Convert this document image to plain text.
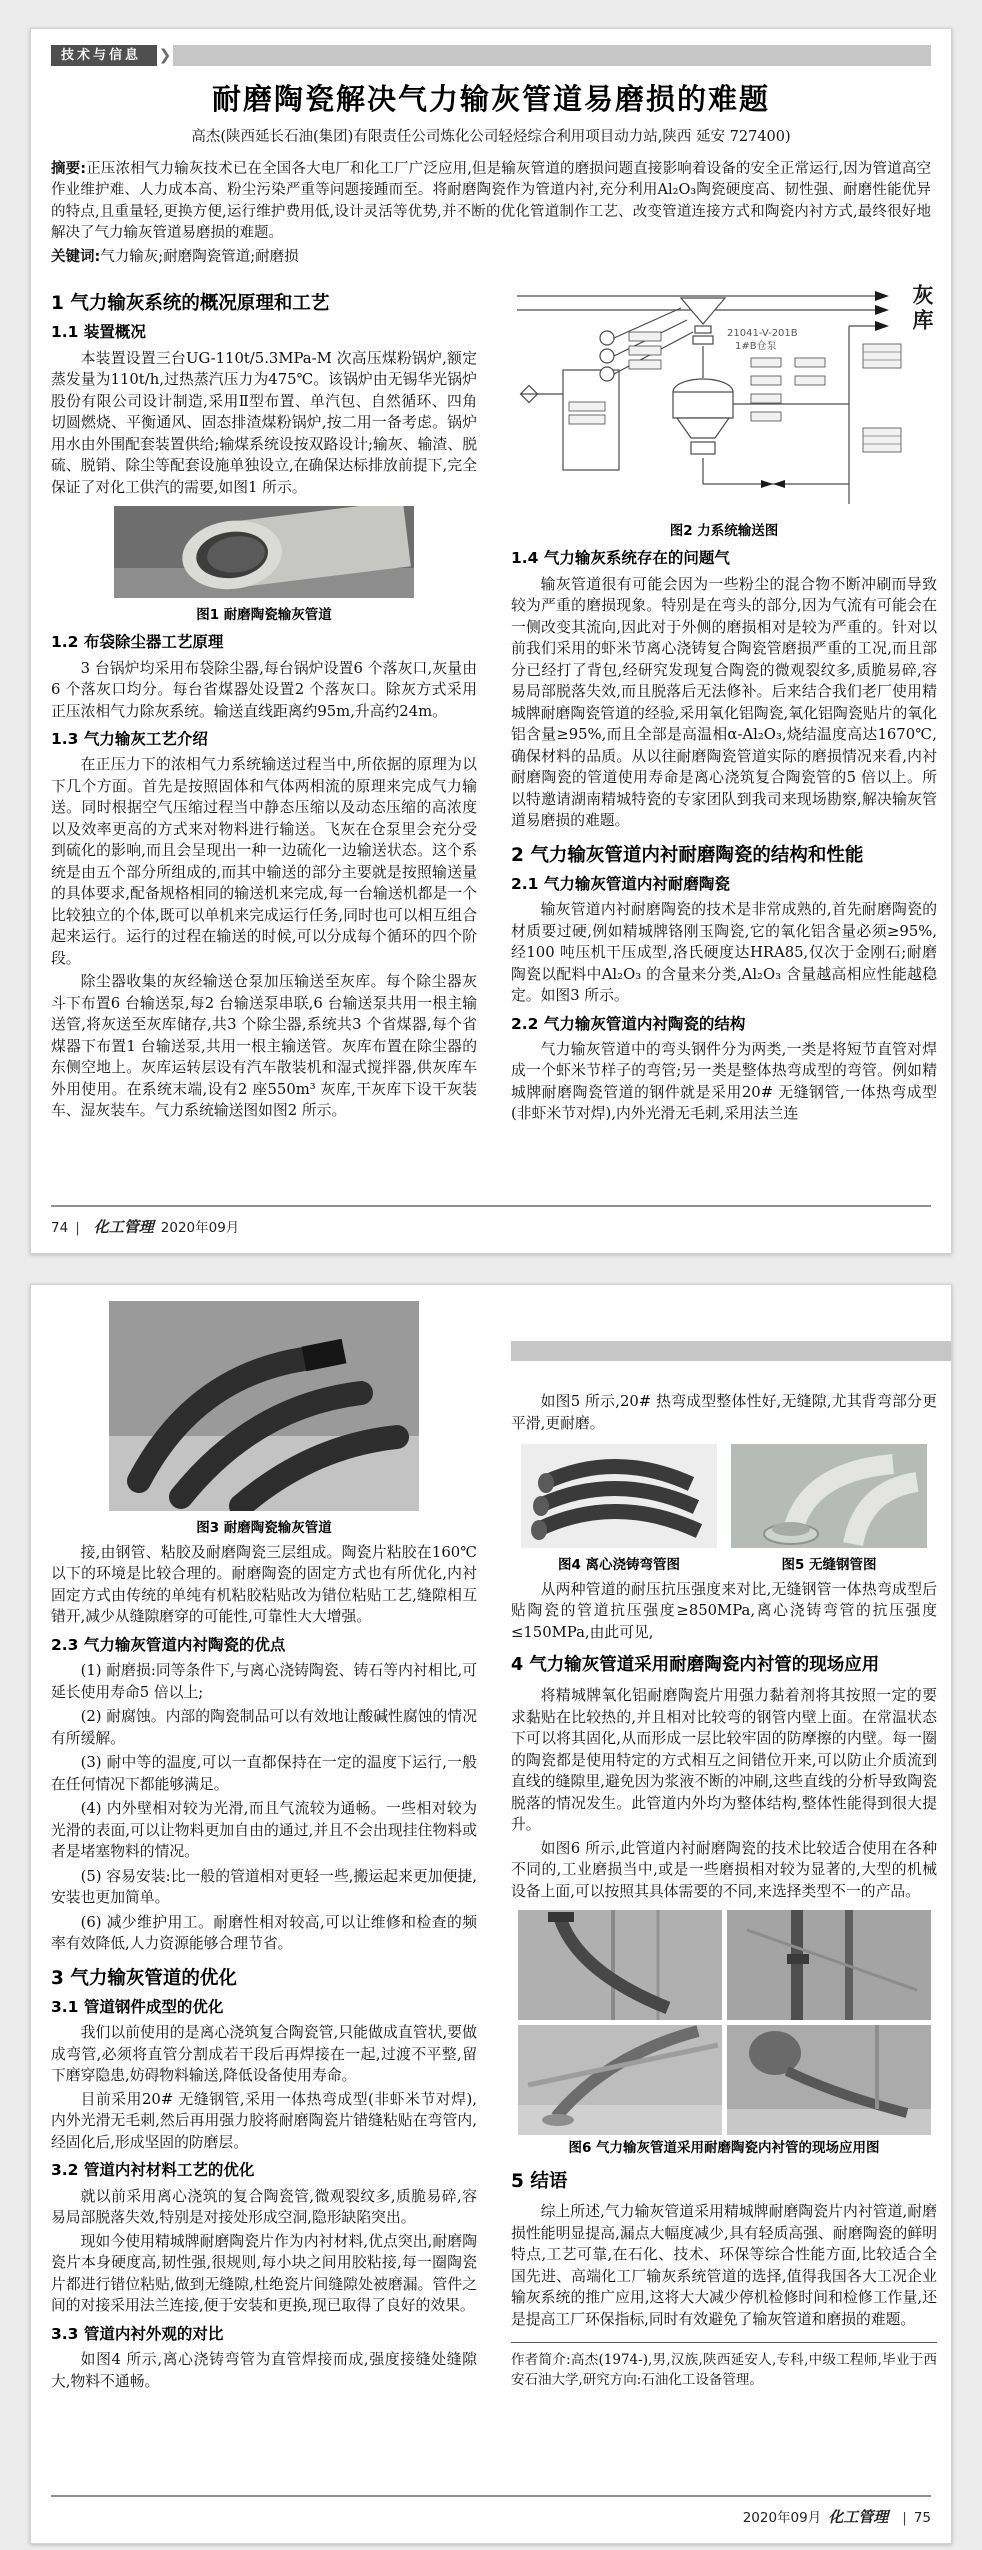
技术与信息	❯
耐磨陶瓷解决气力输灰管道易磨损的难题
高杰(陕西延长石油(集团)有限责任公司炼化公司轻烃综合利用项目动力站,陕西 延安 727400)

摘要:正压浓相气力输灰技术已在全国各大电厂和化工厂广泛应用,但是输灰管道的磨损问题直接影响着设备的安全正常运行,因为管道高空作业维护难、人力成本高、粉尘污染严重等问题接踵而至。将耐磨陶瓷作为管道内衬,充分利用Al₂O₃陶瓷硬度高、韧性强、耐磨性能优异的特点,且重量轻,更换方便,运行维护费用低,设计灵活等优势,并不断的优化管道制作工艺、改变管道连接方式和陶瓷内衬方式,最终很好地解决了气力输灰管道易磨损的难题。

关键词:气力输灰;耐磨陶瓷管道;耐磨损

1 气力输灰系统的概况原理和工艺
1.1 装置概况

本装置设置三台UG-110t/5.3MPa-M 次高压煤粉锅炉,额定蒸发量为110t/h,过热蒸汽压力为475℃。该锅炉由无锡华光锅炉股份有限公司设计制造,采用Ⅱ型布置、单汽包、自然循环、四角切圆燃烧、平衡通风、固态排渣煤粉锅炉,按二用一备考虑。锅炉用水由外围配套装置供给;输煤系统设按双路设计;输灰、输渣、脱硫、脱销、除尘等配套设施单独设立,在确保达标排放前提下,完全保证了对化工供汽的需要,如图1 所示。

图1 耐磨陶瓷输灰管道
1.2 布袋除尘器工艺原理

3 台锅炉均采用布袋除尘器,每台锅炉设置6 个落灰口,灰量由6 个落灰口均分。每台省煤器处设置2 个落灰口。除灰方式采用正压浓相气力除灰系统。输送直线距离约95m,升高约24m。

1.3 气力输灰工艺介绍

在正压力下的浓相气力系统输送过程当中,所依据的原理为以下几个方面。首先是按照固体和气体两相流的原理来完成气力输送。同时根据空气压缩过程当中静态压缩以及动态压缩的高浓度以及效率更高的方式来对物料进行输送。飞灰在仓泵里会充分受到硫化的影响,而且会呈现出一种一边硫化一边输送状态。这个系统是由五个部分所组成的,而其中输送的部分主要就是按照输送量的具体要求,配备规格相同的输送机来完成,每一台输送机都是一个比较独立的个体,既可以单机来完成运行任务,同时也可以相互组合起来运行。运行的过程在输送的时候,可以分成每个循环的四个阶段。

除尘器收集的灰经输送仓泵加压输送至灰库。每个除尘器灰斗下布置6 台输送泵,每2 台输送泵串联,6 台输送泵共用一根主输送管,将灰送至灰库储存,共3 个除尘器,系统共3 个省煤器,每个省煤器下布置1 台输送泵,共用一根主输送管。灰库布置在除尘器的东侧空地上。灰库运转层设有汽车散装机和湿式搅拌器,供灰库车外用使用。在系统末端,设有2 座550m³ 灰库,干灰库下设干灰装车、湿灰装车。气力系统输送图如图2 所示。

21041-V-201B
1#B仓泵
灰库
图2 力系统输送图
1.4 气力输灰系统存在的问题气

输灰管道很有可能会因为一些粉尘的混合物不断冲刷而导致较为严重的磨损现象。特别是在弯头的部分,因为气流有可能会在一侧改变其流向,因此对于外侧的磨损相对是较为严重的。针对以前我们采用的虾米节离心浇铸复合陶瓷管磨损严重的工况,而且部分已经打了背包,经研究发现复合陶瓷的微观裂纹多,质脆易碎,容易局部脱落失效,而且脱落后无法修补。后来结合我们老厂使用精城牌耐磨陶瓷管道的经验,采用氧化铝陶瓷,氧化铝陶瓷贴片的氧化铝含量≥95%,而且全部是高温相α-Al₂O₃,烧结温度高达1670℃,确保材料的品质。从以往耐磨陶瓷管道实际的磨损情况来看,内衬耐磨陶瓷的管道使用寿命是离心浇筑复合陶瓷管的5 倍以上。所以特邀请湖南精城特瓷的专家团队到我司来现场勘察,解决输灰管道易磨损的难题。

2 气力输灰管道内衬耐磨陶瓷的结构和性能
2.1 气力输灰管道内衬耐磨陶瓷

输灰管道内衬耐磨陶瓷的技术是非常成熟的,首先耐磨陶瓷的材质要过硬,例如精城牌铬刚玉陶瓷,它的氧化铝含量必须≥95%,经100 吨压机干压成型,洛氏硬度达HRA85,仅次于金刚石;耐磨陶瓷以配料中Al₂O₃ 的含量来分类,Al₂O₃ 含量越高相应性能越稳定。如图3 所示。

2.2 气力输灰管道内衬陶瓷的结构

气力输灰管道中的弯头钢件分为两类,一类是将短节直管对焊成一个虾米节样子的弯管;另一类是整体热弯成型的弯管。例如精城牌耐磨陶瓷管道的钢件就是采用20# 无缝钢管,一体热弯成型(非虾米节对焊),内外光滑无毛刺,采用法兰连

74 | 化工管理 2020年09月
图3 耐磨陶瓷输灰管道

接,由钢管、粘胶及耐磨陶瓷三层组成。陶瓷片粘胶在160℃以下的环境是比较合理的。耐磨陶瓷的固定方式也有所优化,内衬固定方式由传统的单纯有机粘胶粘贴改为错位粘贴工艺,缝隙相互错开,减少从缝隙磨穿的可能性,可靠性大大增强。

2.3 气力输灰管道内衬陶瓷的优点

(1) 耐磨损:同等条件下,与离心浇铸陶瓷、铸石等内衬相比,可延长使用寿命5 倍以上;

(2) 耐腐蚀。内部的陶瓷制品可以有效地让酸碱性腐蚀的情况有所缓解。

(3) 耐中等的温度,可以一直都保持在一定的温度下运行,一般在任何情况下都能够满足。

(4) 内外壁相对较为光滑,而且气流较为通畅。一些相对较为光滑的表面,可以让物料更加自由的通过,并且不会出现挂住物料或者是堵塞物料的情况。

(5) 容易安装:比一般的管道相对更轻一些,搬运起来更加便捷,安装也更加简单。

(6) 减少维护用工。耐磨性相对较高,可以让维修和检查的频率有效降低,人力资源能够合理节省。

3 气力输灰管道的优化
3.1 管道钢件成型的优化

我们以前使用的是离心浇筑复合陶瓷管,只能做成直管状,要做成弯管,必须将直管分割成若干段后再焊接在一起,过渡不平整,留下磨穿隐患,妨碍物料输送,降低设备使用寿命。

目前采用20# 无缝钢管,采用一体热弯成型(非虾米节对焊),内外光滑无毛刺,然后再用强力胶将耐磨陶瓷片错缝粘贴在弯管内,经固化后,形成坚固的防磨层。

3.2 管道内衬材料工艺的优化

就以前采用离心浇筑的复合陶瓷管,微观裂纹多,质脆易碎,容易局部脱落失效,特别是对接处形成空洞,隐形缺陷突出。

现如今使用精城牌耐磨陶瓷片作为内衬材料,优点突出,耐磨陶瓷片本身硬度高,韧性强,很规则,每小块之间用胶粘接,每一圈陶瓷片都进行错位粘贴,做到无缝隙,杜绝瓷片间缝隙处被磨漏。管件之间的对接采用法兰连接,便于安装和更换,现已取得了良好的效果。

3.3 管道内衬外观的对比

如图4 所示,离心浇铸弯管为直管焊接而成,强度接缝处缝隙大,物料不通畅。

如图5 所示,20# 热弯成型整体性好,无缝隙,尤其背弯部分更平滑,更耐磨。

图4 离心浇铸弯管图	图5 无缝钢管图

从两种管道的耐压抗压强度来对比,无缝钢管一体热弯成型后贴陶瓷的管道抗压强度≥850MPa,离心浇铸弯管的抗压强度≤150MPa,由此可见,

4 气力输灰管道采用耐磨陶瓷内衬管的现场应用

将精城牌氧化铝耐磨陶瓷片用强力黏着剂将其按照一定的要求黏贴在比较热的,并且相对比较弯的钢管内壁上面。在常温状态下可以将其固化,从而形成一层比较牢固的防摩擦的内壁。每一圈的陶瓷都是使用特定的方式相互之间错位开来,可以防止介质流到直线的缝隙里,避免因为浆液不断的冲刷,这些直线的分析导致陶瓷脱落的情况发生。此管道内外均为整体结构,整体性能得到很大提升。

如图6 所示,此管道内衬耐磨陶瓷的技术比较适合使用在各种不同的,工业磨损当中,或是一些磨损相对较为显著的,大型的机械设备上面,可以按照其具体需要的不同,来选择类型不一的产品。

图6 气力输灰管道采用耐磨陶瓷内衬管的现场应用图
5 结语

综上所述,气力输灰管道采用精城牌耐磨陶瓷片内衬管道,耐磨损性能明显提高,漏点大幅度减少,具有轻质高强、耐磨陶瓷的鲜明特点,工艺可靠,在石化、技术、环保等综合性能方面,比较适合全国先进、高端化工厂输灰系统管道的选择,值得我国各大工况企业输灰系统的推广应用,这将大大减少停机检修时间和检修工作量,还是提高工厂环保指标,同时有效避免了输灰管道和磨损的难题。

作者简介:高杰(1974-),男,汉族,陕西延安人,专科,中级工程师,毕业于西安石油大学,研究方向:石油化工设备管理。
2020年09月 化工管理 | 75
